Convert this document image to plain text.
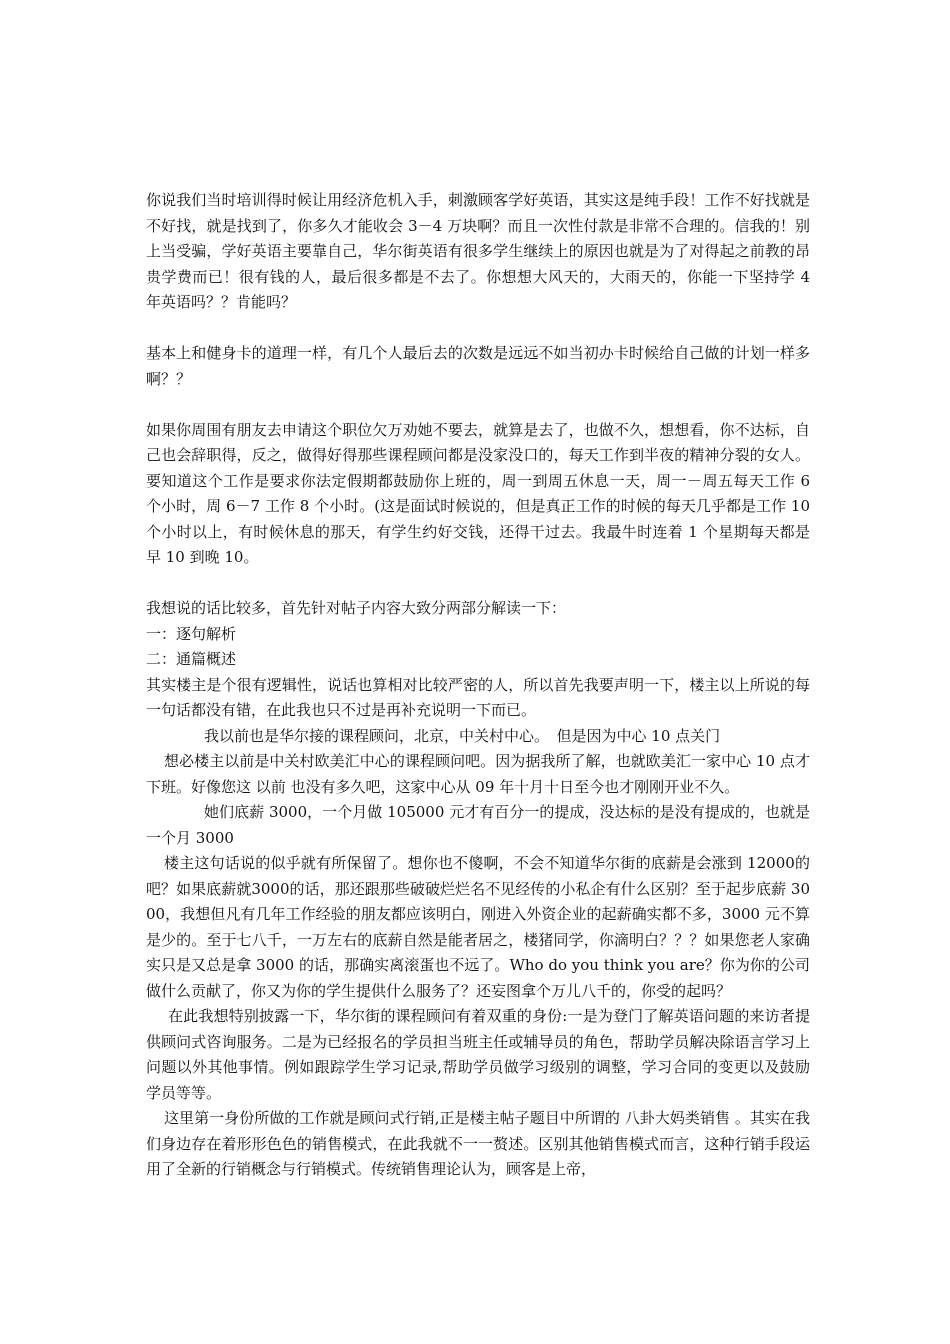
你说我们当时培训得时候让用经济危机入手，刺激顾客学好英语，其实这是纯手段！工作不好找就是不好找，就是找到了，你多久才能收会 3－4 万块啊？而且一次性付款是非常不合理的。信我的！别上当受骗，学好英语主要靠自己，华尔街英语有很多学生继续上的原因也就是为了对得起之前教的昂贵学费而已！很有钱的人，最后很多都是不去了。你想想大风天的，大雨天的，你能一下坚持学 4 年英语吗？？肯能吗？

基本上和健身卡的道理一样，有几个人最后去的次数是远远不如当初办卡时候给自己做的计划一样多啊？？

如果你周围有朋友去申请这个职位欠万劝她不要去，就算是去了，也做不久，想想看，你不达标，自己也会辞职得，反之，做得好得那些课程顾问都是没家没口的，每天工作到半夜的精神分裂的女人。要知道这个工作是要求你法定假期都鼓励你上班的，周一到周五休息一天，周一－周五每天工作 6 个小时，周 6－7 工作 8 个小时。(这是面试时候说的，但是真正工作的时候的每天几乎都是工作 10 个小时以上，有时候休息的那天，有学生约好交钱，还得干过去。我最牛时连着 1 个星期每天都是早 10 到晚 10。

我想说的话比较多，首先针对帖子内容大致分两部分解读一下：

一：逐句解析

二：通篇概述

其实楼主是个很有逻辑性，说话也算相对比较严密的人，所以首先我要声明一下，楼主以上所说的每一句话都没有错，在此我也只不过是再补充说明一下而已。

我以前也是华尔接的课程顾问，北京，中关村中心。　但是因为中心 10 点关门

想必楼主以前是中关村欧美汇中心的课程顾问吧。因为据我所了解，也就欧美汇一家中心 10 点才下班。好像您这 以前 也没有多久吧，这家中心从 09 年十月十日至今也才刚刚开业不久。

她们底薪 3000，一个月做 105000 元才有百分一的提成，没达标的是没有提成的，也就是一个月 3000

楼主这句话说的似乎就有所保留了。想你也不傻啊，不会不知道华尔街的底薪是会涨到 12000的吧？如果底薪就3000的话，那还跟那些破破烂烂名不见经传的小私企有什么区别？至于起步底薪 3000，我想但凡有几年工作经验的朋友都应该明白，刚进入外资企业的起薪确实都不多，3000 元不算是少的。至于七八千，一万左右的底薪自然是能者居之，楼猪同学，你滴明白？？？如果您老人家确实只是又总是拿 3000 的话，那确实离滚蛋也不远了。Who do you think you are？你为你的公司做什么贡献了，你又为你的学生提供什么服务了？还妄图拿个万儿八千的，你受的起吗？

在此我想特别披露一下，华尔街的课程顾问有着双重的身份:一是为登门了解英语问题的来访者提供顾问式咨询服务。二是为已经报名的学员担当班主任或辅导员的角色，帮助学员解决除语言学习上问题以外其他事情。例如跟踪学生学习记录,帮助学员做学习级别的调整，学习合同的变更以及鼓励学员等等。

这里第一身份所做的工作就是顾问式行销,正是楼主帖子题目中所谓的 八卦大妈类销售 。其实在我们身边存在着形形色色的销售模式，在此我就不一一赘述。区别其他销售模式而言，这种行销手段运用了全新的行销概念与行销模式。传统销售理论认为，顾客是上帝，
